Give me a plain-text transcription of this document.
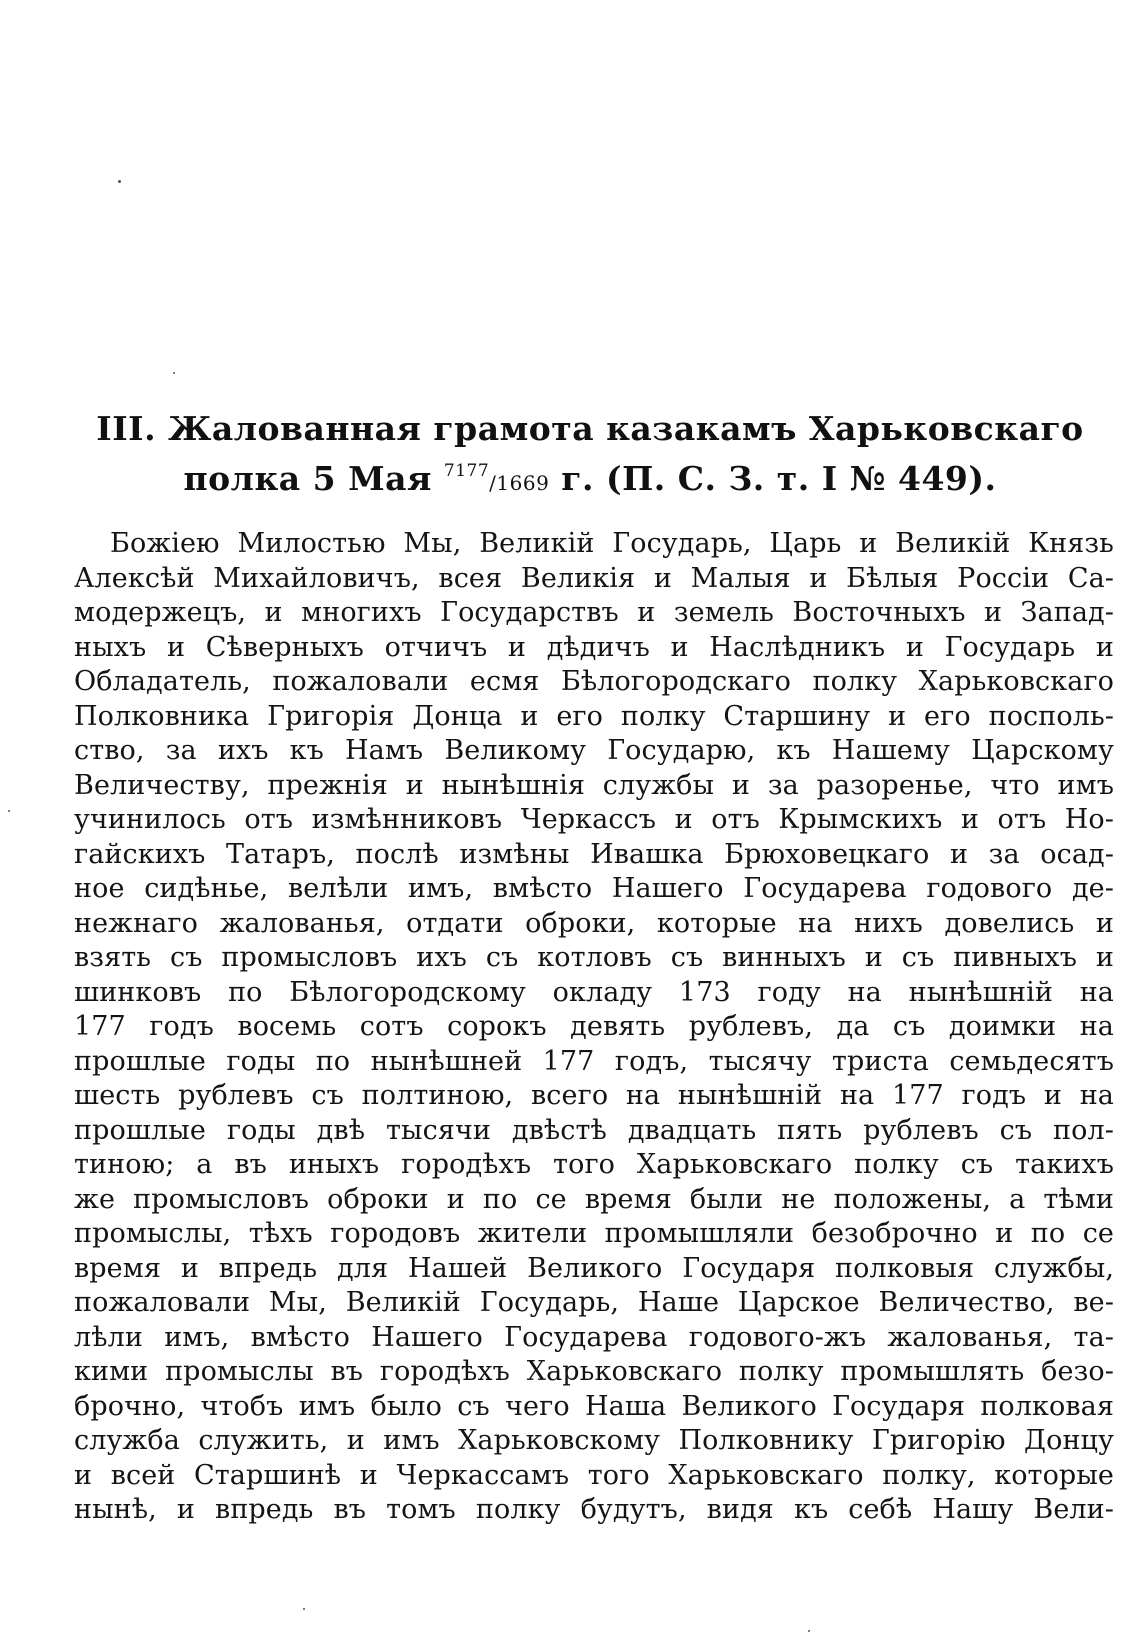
III. Жалованная грамота казакамъ Харьковскаго
полка 5 Мая $^{7177}$/1669 г. (П. С. З. т. I № 449).
Божiею Милостью Мы, Великiй Государь, Царь и Великiй Князь
Алексѣй Михайловичъ, всея Великiя и Малыя и Бѣлыя Россiи Са-
модержецъ, и многихъ Государствъ и земель Восточныхъ и Запад-
ныхъ и Сѣверныхъ отчичъ и дѣдичъ и Наслѣдникъ и Государь и
Обладатель, пожаловали есмя Бѣлогородскаго полку Харьковскаго
Полковника Григорiя Донца и его полку Старшину и его посполь-
ство, за ихъ къ Намъ Великому Государю, къ Нашему Царскому
Величеству, прежнiя и нынѣшнiя службы и за разоренье, что имъ
учинилось отъ измѣнниковъ Черкассъ и отъ Крымскихъ и отъ Но-
гайскихъ Татаръ, послѣ измѣны Ивашка Брюховецкаго и за осад-
ное сидѣнье, велѣли имъ, вмѣсто Нашего Государева годового де-
нежнаго жалованья, отдати оброки, которые на нихъ довелись и
взять съ промысловъ ихъ съ котловъ съ винныхъ и съ пивныхъ и
шинковъ по Бѣлогородскому окладу 173 году на нынѣшнiй на
177 годъ восемь сотъ сорокъ девять рублевъ, да съ доимки на
прошлые годы по нынѣшней 177 годъ, тысячу триста семьдесятъ
шесть рублевъ съ полтиною, всего на нынѣшнiй на 177 годъ и на
прошлые годы двѣ тысячи двѣстѣ двадцать пять рублевъ съ пол-
тиною; а въ иныхъ городѣхъ того Харьковскаго полку съ такихъ
же промысловъ оброки и по се время были не положены, а тѣми
промыслы, тѣхъ городовъ жители промышляли безоброчно и по се
время и впредь для Нашей Великого Государя полковыя службы,
пожаловали Мы, Великiй Государь, Наше Царское Величество, ве-
лѣли имъ, вмѣсто Нашего Государева годового-жъ жалованья, та-
кими промыслы въ городѣхъ Харьковскаго полку промышлять безо-
брочно, чтобъ имъ было съ чего Наша Великого Государя полковая
служба служить, и имъ Харьковскому Полковнику Григорiю Донцу
и всей Старшинѣ и Черкассамъ того Харьковскаго полку, которые
нынѣ, и впредь въ томъ полку будутъ, видя къ себѣ Нашу Вели-
